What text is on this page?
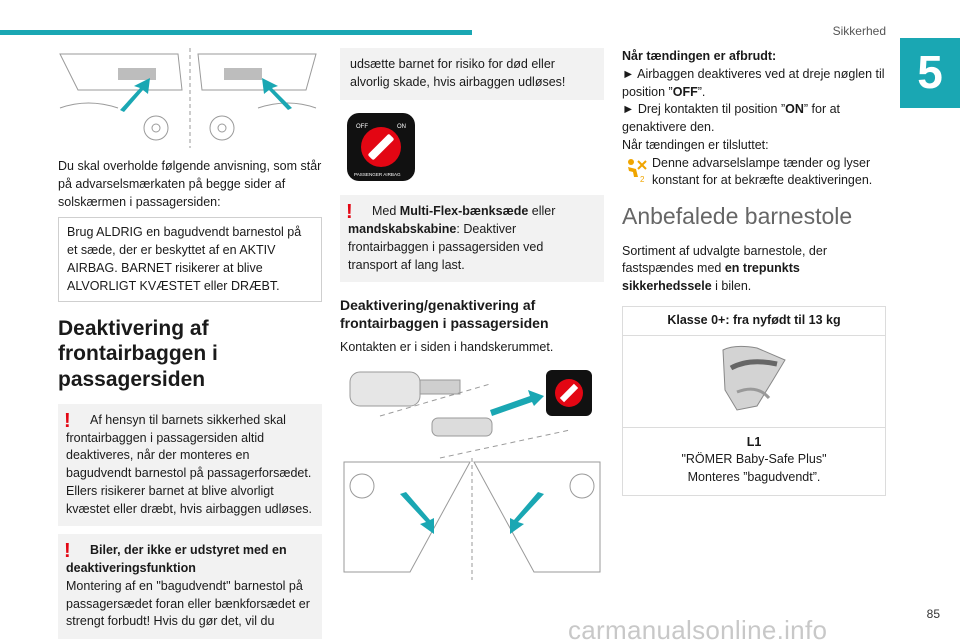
Sikkerhed
5

Du skal overholde følgende anvisning, som står på advarselsmærkaten på begge sider af solskærmen i passagersiden:

Brug ALDRIG en bagudvendt barnestol på et sæde, der er beskyttet af en AKTIV AIRBAG. BARNET risikerer at blive ALVORLIGT KVÆSTET eller DRÆBT.
Deaktivering af frontairbaggen i passagersiden
!	Af hensyn til barnets sikkerhed skal frontairbaggen i passagersiden altid deaktiveres, når der monteres en bagudvendt barnestol på passagerforsædet. Ellers risikerer barnet at blive alvorligt kvæstet eller dræbt, hvis airbaggen udløses.
!	Biler, der ikke er udstyret med en deaktiveringsfunktion
Montering af en "bagudvendt" barnestol på passagersædet foran eller bænkforsædet er strengt forbudt! Hvis du gør det, vil du
udsætte barnet for risiko for død eller alvorlig skade, hvis airbaggen udløses!
OFF	ON
PASSENGER AIRBAG
!	Med Multi-Flex-bænksæde eller mandskabskabine: Deaktiver frontairbaggen i passagersiden ved transport af lang last.
Deaktivering/genaktivering af frontairbaggen i passagersiden

Kontakten er i siden i handskerummet.

Når tændingen er afbrudt:

► Airbaggen deaktiveres ved at dreje nøglen til position ”OFF”.

► Drej kontakten til position ”ON” for at genaktivere den.

Når tændingen er tilsluttet:

2
Denne advarselslampe tænder og lyser konstant for at bekræfte deaktiveringen.
Anbefalede barnestole

Sortiment af udvalgte barnestole, der fastspændes med en trepunkts sikkerhedssele i bilen.

Klasse 0+: fra nyfødt til 13 kg

L1
"RÖMER Baby-Safe Plus"
Monteres ”bagudvendt”.
carmanualsonline.info
85
